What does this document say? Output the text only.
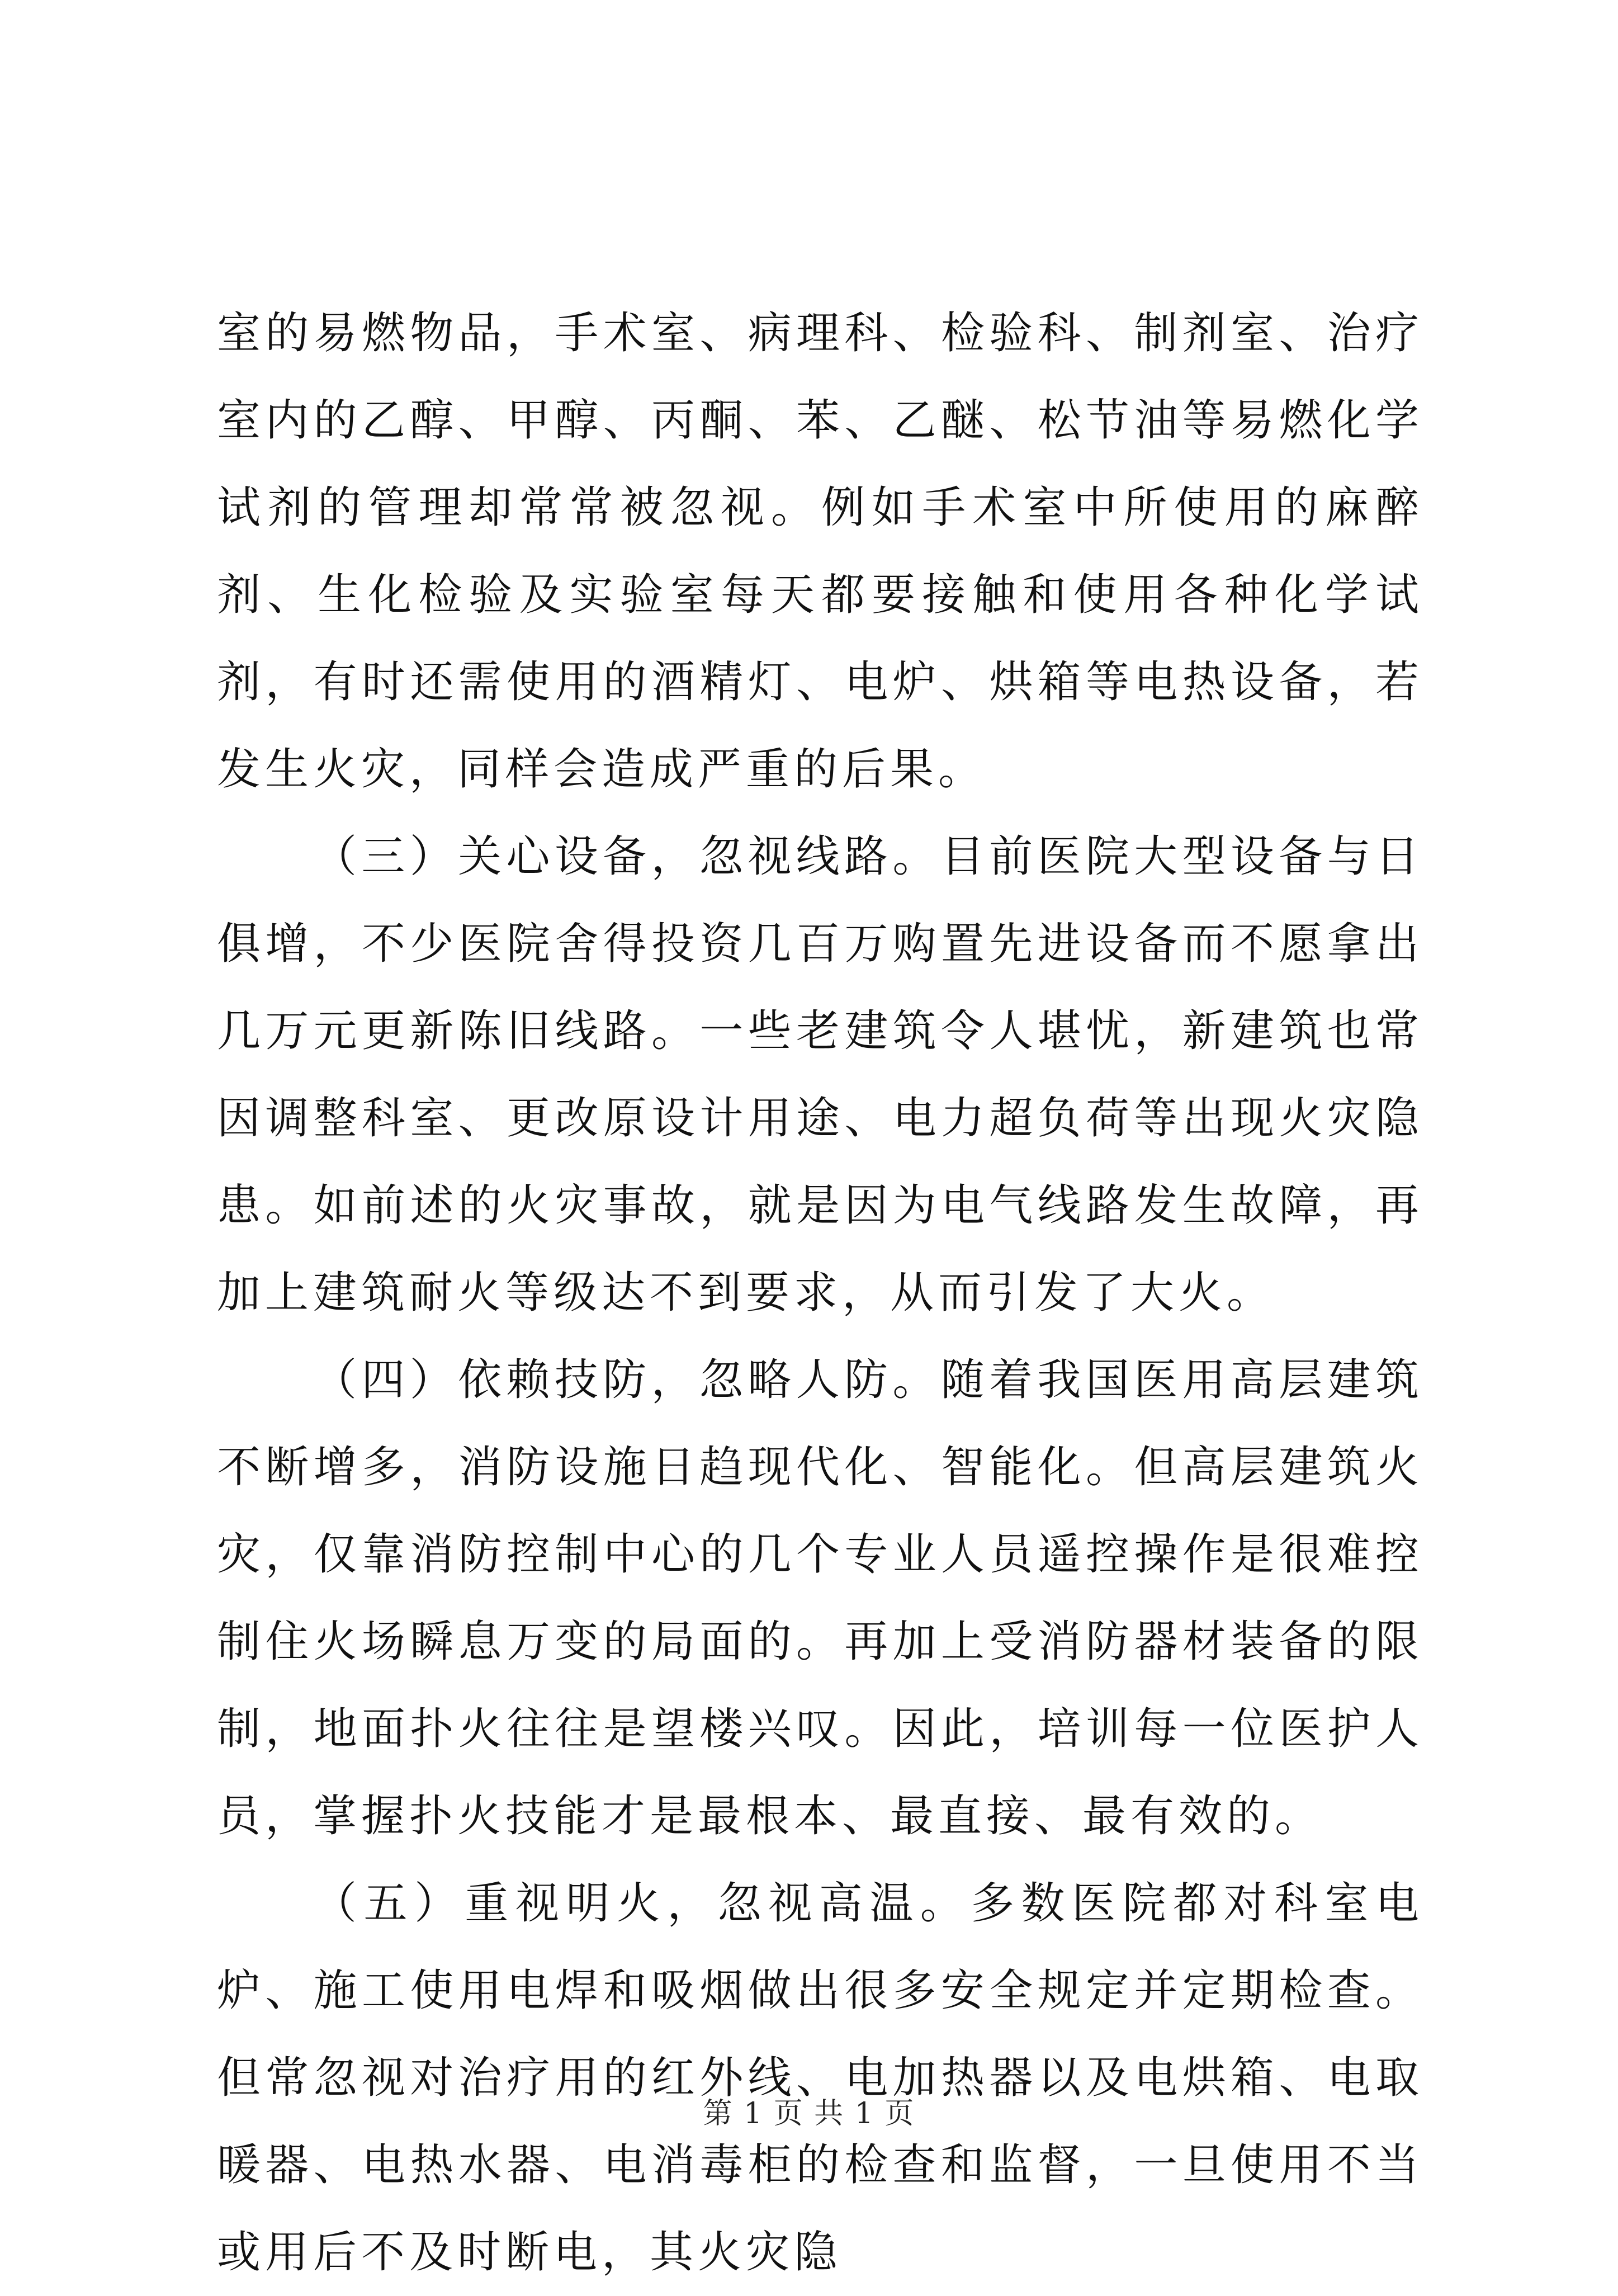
室的易燃物品，手术室、病理科、检验科、制剂室、治疗室内的乙醇、甲醇、丙酮、苯、乙醚、松节油等易燃化学试剂的管理却常常被忽视。例如手术室中所使用的麻醉剂、生化检验及实验室每天都要接触和使用各种化学试剂，有时还需使用的酒精灯、电炉、烘箱等电热设备，若发生火灾，同样会造成严重的后果。

（三）关心设备，忽视线路。目前医院大型设备与日俱增，不少医院舍得投资几百万购置先进设备而不愿拿出几万元更新陈旧线路。一些老建筑令人堪忧，新建筑也常因调整科室、更改原设计用途、电力超负荷等出现火灾隐患。如前述的火灾事故，就是因为电气线路发生故障，再加上建筑耐火等级达不到要求，从而引发了大火。

（四）依赖技防，忽略人防。随着我国医用高层建筑不断增多，消防设施日趋现代化、智能化。但高层建筑火灾，仅靠消防控制中心的几个专业人员遥控操作是很难控制住火场瞬息万变的局面的。再加上受消防器材装备的限制，地面扑火往往是望楼兴叹。因此，培训每一位医护人员，掌握扑火技能才是最根本、最直接、最有效的。

（五）重视明火，忽视高温。多数医院都对科室电炉、施工使用电焊和吸烟做出很多安全规定并定期检查。但常忽视对治疗用的红外线、电加热器以及电烘箱、电取暖器、电热水器、电消毒柜的检查和监督，一旦使用不当或用后不及时断电，其火灾隐

第 1 页 共 1 页
